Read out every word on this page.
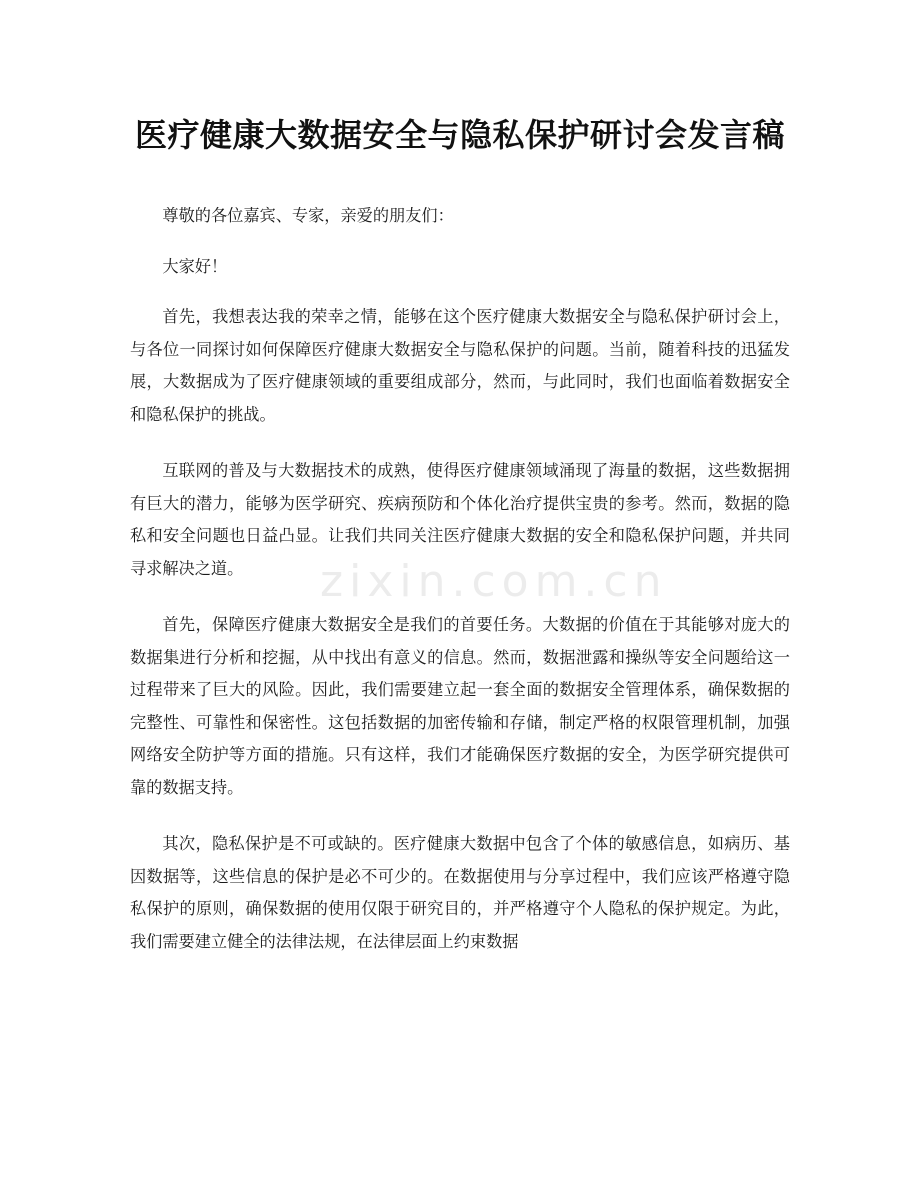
医疗健康大数据安全与隐私保护研讨会发言稿

尊敬的各位嘉宾、专家，亲爱的朋友们：

大家好！

首先，我想表达我的荣幸之情，能够在这个医疗健康大数据安全与隐私保护研讨会上，与各位一同探讨如何保障医疗健康大数据安全与隐私保护的问题。当前，随着科技的迅猛发展，大数据成为了医疗健康领域的重要组成部分，然而，与此同时，我们也面临着数据安全和隐私保护的挑战。

互联网的普及与大数据技术的成熟，使得医疗健康领域涌现了海量的数据，这些数据拥有巨大的潜力，能够为医学研究、疾病预防和个体化治疗提供宝贵的参考。然而，数据的隐私和安全问题也日益凸显。让我们共同关注医疗健康大数据的安全和隐私保护问题，并共同寻求解决之道。

首先，保障医疗健康大数据安全是我们的首要任务。大数据的价值在于其能够对庞大的数据集进行分析和挖掘，从中找出有意义的信息。然而，数据泄露和操纵等安全问题给这一过程带来了巨大的风险。因此，我们需要建立起一套全面的数据安全管理体系，确保数据的完整性、可靠性和保密性。这包括数据的加密传输和存储，制定严格的权限管理机制，加强网络安全防护等方面的措施。只有这样，我们才能确保医疗数据的安全，为医学研究提供可靠的数据支持。

其次，隐私保护是不可或缺的。医疗健康大数据中包含了个体的敏感信息，如病历、基因数据等，这些信息的保护是必不可少的。在数据使用与分享过程中，我们应该严格遵守隐私保护的原则，确保数据的使用仅限于研究目的，并严格遵守个人隐私的保护规定。为此，我们需要建立健全的法律法规，在法律层面上约束数据

zixin.com.cn
